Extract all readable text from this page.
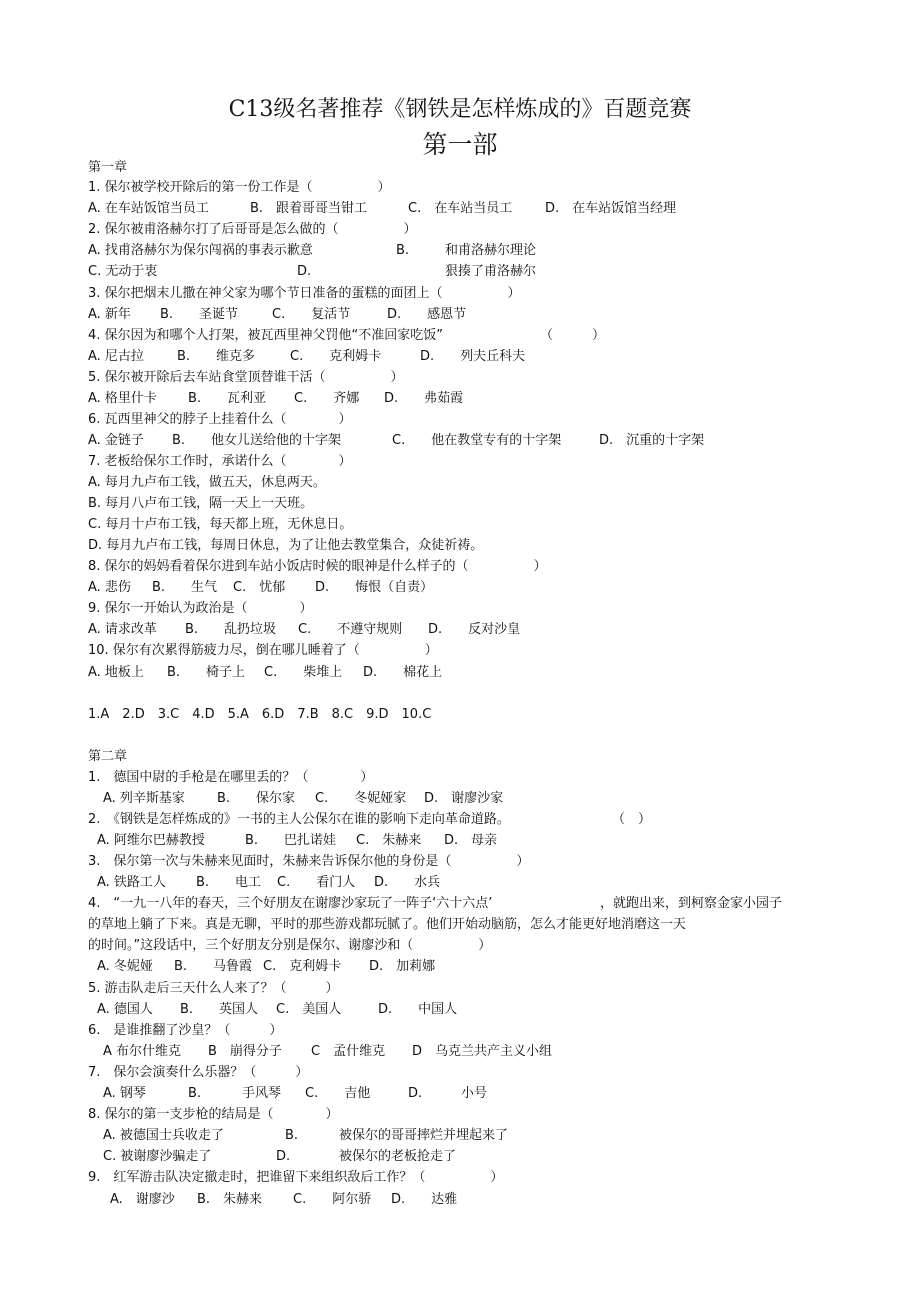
C13级名著推荐《钢铁是怎样炼成的》百题竞赛
第一部
第一章
1. 保尔被学校开除后的第一份工作是（　　　　　）
A. 在车站饭馆当员工	B.　跟着哥哥当钳工	C.　在车站当员工	D.　在车站饭馆当经理
2. 保尔被甫洛赫尔打了后哥哥是怎么做的（　　　　　）
A. 找甫洛赫尔为保尔闯祸的事表示歉意	B.	和甫洛赫尔理论
C. 无动于衷	D.	狠揍了甫洛赫尔
3. 保尔把烟末儿撒在神父家为哪个节日准备的蛋糕的面团上（　　　　　）
A. 新年 B.　　圣诞节	C.　　复活节	D.　　感恩节
4. 保尔因为和哪个人打架，被瓦西里神父罚他“不准回家吃饭”	（　　　）
A. 尼古拉	B.　　维克多	C.　　克利姆卡	D.　　列夫丘科夫
5. 保尔被开除后去车站食堂顶替谁干活（　　　　　）
A. 格里什卡 B.　　瓦利亚 C.　　齐娜 D.　　弗茹霞
6. 瓦西里神父的脖子上挂着什么（　　　　）
A. 金链子 B.　　他女儿送给他的十字架	C.　　他在教堂专有的十字架	D.　沉重的十字架
7. 老板给保尔工作时，承诺什么（　　　　）
A. 每月九卢布工钱，做五天，休息两天。
B. 每月八卢布工钱，隔一天上一天班。
C. 每月十卢布工钱，每天都上班，无休息日。
D. 每月九卢布工钱，每周日休息，为了让他去教堂集合，众徒祈祷。
8. 保尔的妈妈看着保尔进到车站小饭店时候的眼神是什么样子的（　　　　　）
A. 悲伤 B.　　生气 C.　忧郁 D.　　悔恨（自责）
9. 保尔一开始认为政治是（　　　　）
A. 请求改革 B.　　乱扔垃圾 C.　　不遵守规则 D.　　反对沙皇
10. 保尔有次累得筋疲力尽，倒在哪儿睡着了（　　　　　）
A. 地板上 B.　　椅子上 C.　　柴堆上 D.　　棉花上
1.A　2.D　3.C　4.D　5.A　6.D　7.B　8.C　9.D　10.C
第二章
1.　德国中尉的手枪是在哪里丢的？（　　　　）
A. 列辛斯基家 B.　　保尔家 C.　　冬妮娅家 D.　谢廖沙家
2.　《钢铁是怎样炼成的》一书的主人公保尔在谁的影响下走向革命道路。	（　）
A. 阿维尔巴赫教授	B.　　巴扎诺娃 C.　朱赫来 D.　母亲
3.　保尔第一次与朱赫来见面时，朱赫来告诉保尔他的身份是（　　　　　）
A. 铁路工人 B.　　电工 C.　　看门人 D.　　水兵
4.　“一九一八年的春天，三个好朋友在谢廖沙家玩了一阵子‘六十六点’	，就跑出来，到柯察金家小园子
的草地上躺了下来。真是无聊，平时的那些游戏都玩腻了。他们开始动脑筋，怎么才能更好地消磨这一天
的时间。”这段话中，三个好朋友分别是保尔、谢廖沙和（　　　　　）
A. 冬妮娅 B.　　马鲁霞 C.　克利姆卡 D.　加莉娜
5. 游击队走后三天什么人来了？（　　　）
A. 德国人 B.　　英国人 C.　美国人	D.　　中国人
6.　是谁推翻了沙皇？（　　　）
A 布尔什维克 B　崩得分子 C　孟什维克 D　乌克兰共产主义小组
7.　保尔会演奏什么乐器？（　　　）
A. 钢琴	B.	手风琴 C.　　吉他	D.	小号
8. 保尔的第一支步枪的结局是（　　　　）
A. 被德国士兵收走了	B.	被保尔的哥哥摔烂并埋起来了
C. 被谢廖沙骗走了	D.	被保尔的老板抢走了
9.　红军游击队决定撤走时，把谁留下来组织敌后工作？（　　　　　）
A.　谢廖沙 B.　朱赫来 C.　　阿尔骄 D.　　达雅
